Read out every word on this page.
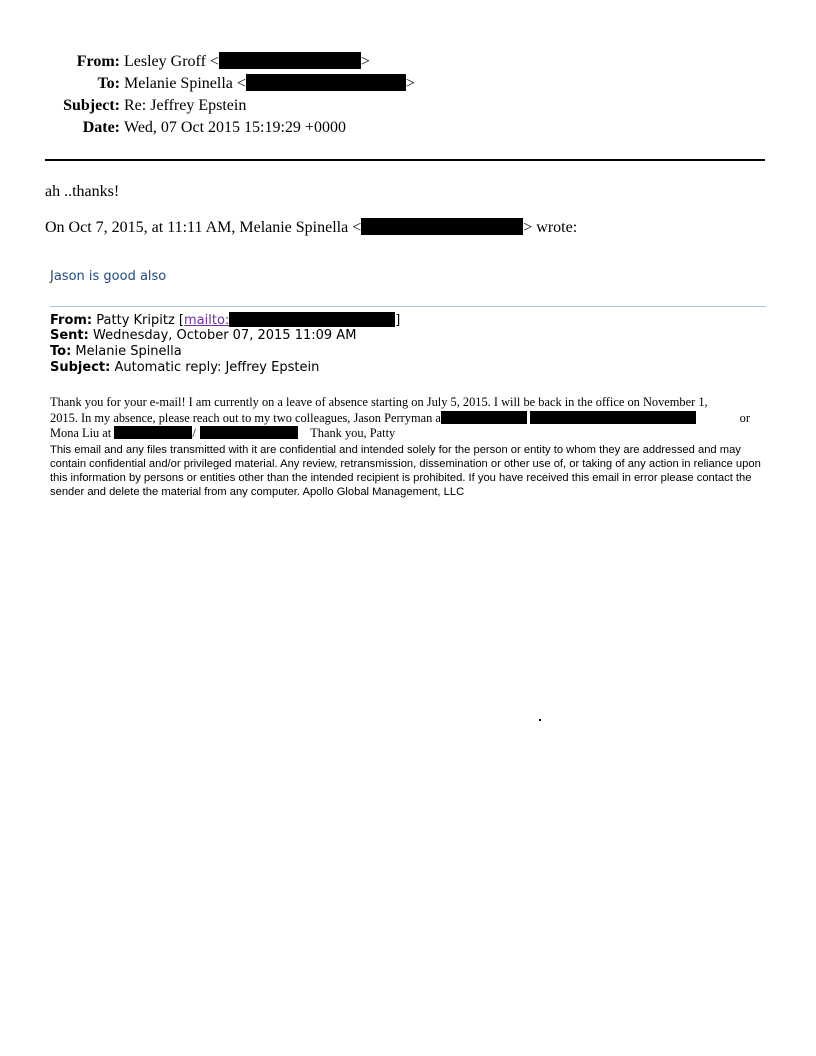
From: Lesley Groff <	>
To: Melanie Spinella <	>
Subject: Re: Jeffrey Epstein
Date: Wed, 07 Oct 2015 15:19:29 +0000
ah ..thanks!
On Oct 7, 2015, at 11:11 AM, Melanie Spinella <	> wrote:
Jason is good also
From: Patty Kripitz [mailto:	]
Sent: Wednesday, October 07, 2015 11:09 AM
To: Melanie Spinella
Subject: Automatic reply: Jeffrey Epstein
Thank you for your e-mail! I am currently on a leave of absence starting on July 5, 2015. I will be back in the office on November 1,
2015. In my absence, please reach out to my two colleagues, Jason Perryman a	or
Mona Liu at	/	Thank you, Patty
This email and any files transmitted with it are confidential and intended solely for the person or entity to whom they are addressed and may contain confidential and/or privileged material. Any review, retransmission, dissemination or other use of, or taking of any action in reliance upon this information by persons or entities other than the intended recipient is prohibited. If you have received this email in error please contact the sender and delete the material from any computer. Apollo Global Management, LLC
